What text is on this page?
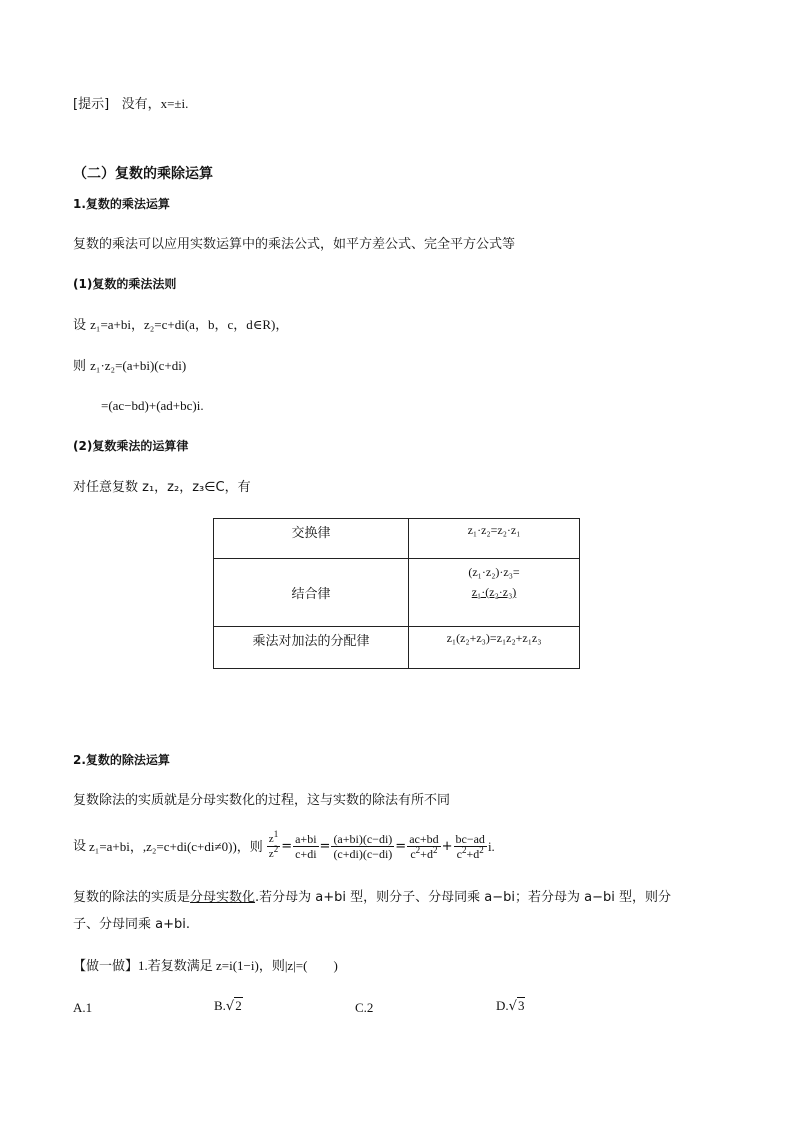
[提示] 没有，x=±i.
（二）复数的乘除运算
1.复数的乘法运算
复数的乘法可以应用实数运算中的乘法公式，如平方差公式、完全平方公式等
(1)复数的乘法法则
设 z₁=a+bi，z₂=c+di(a，b，c，d∈R)，
则 z₁·z₂=(a+bi)(c+di)
=(ac−bd)+(ad+bc)i.
(2)复数乘法的运算律
对任意复数 z₁，z₂，z₃∈C，有
交换律	z₁·z₂=z₂·z₁
结合律	(z₁·z₂)·z₃=
z₁·(z₂·z₃)

乘法对加法的分配律	z₁(z₂+z₃)=z₁z₂+z₁z₃
2.复数的除法运算
复数除法的实质就是分母实数化的过程，这与实数的除法有所不同
设 z₁=a+bi，,z₂=c+di(c+di≠0))，则 $\frac{z^1}{z^2} = \frac{a+bi}{c+di} = \frac{(a+bi)(c-di)}{(c+di)(c-di)} = \frac{ac+bd}{c^2+d^2} + \frac{bc-ad}{c^2+d^2} i$.
复数的除法的实质是分母实数化.若分母为 a+bi 型，则分子、分母同乘 a−bi；若分母为 a−bi 型，则分
子、分母同乘 a+bi.
【做一做】1.若复数满足 z=i(1−i)，则|z|=(　　)
A.1	B.√2	C.2	D.√3
